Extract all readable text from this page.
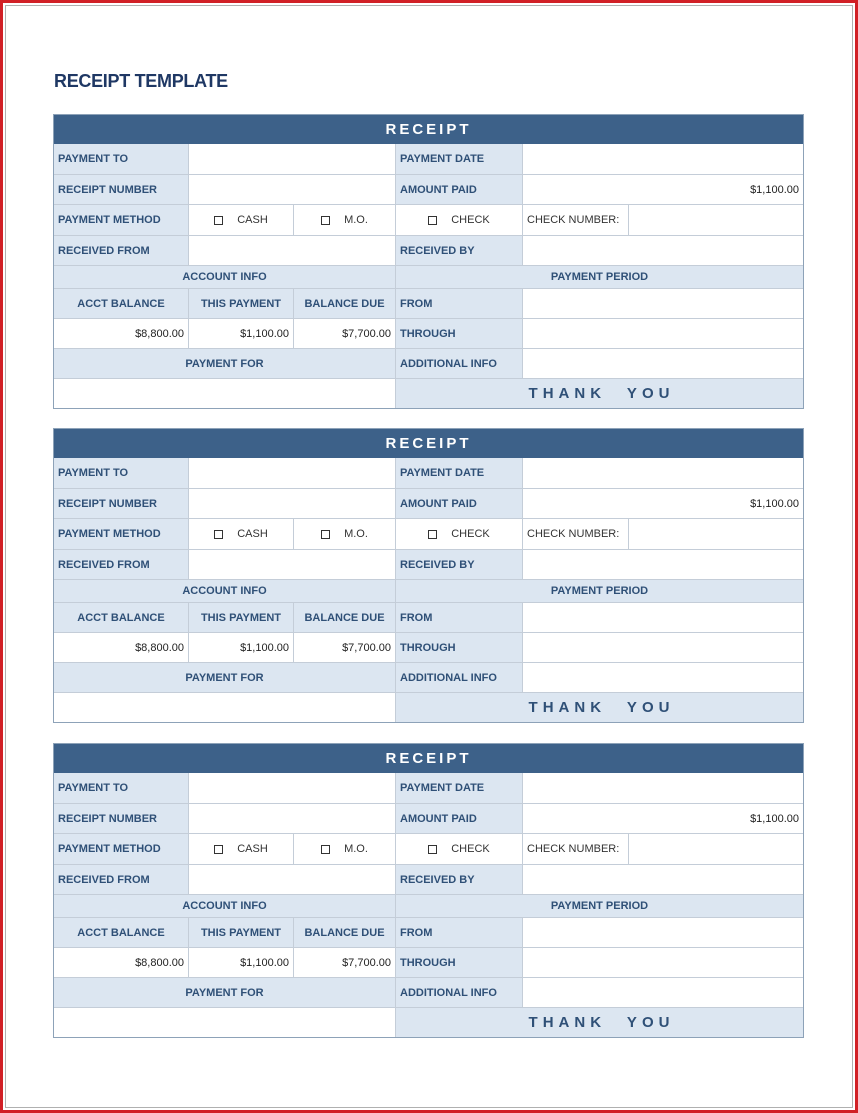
RECEIPT TEMPLATE
RECEIPT
PAYMENT TO	PAYMENT DATE
RECEIPT NUMBER	AMOUNT PAID	$1,100.00
PAYMENT METHOD	CASH	M.O.	CHECK	CHECK NUMBER:
RECEIVED FROM	RECEIVED BY
ACCOUNT INFO	PAYMENT PERIOD
ACCT BALANCE	THIS PAYMENT	BALANCE DUE	FROM
$8,800.00	$1,100.00	$7,700.00 THROUGH
PAYMENT FOR	ADDITIONAL INFO
THANK YOU
RECEIPT
PAYMENT TO	PAYMENT DATE
RECEIPT NUMBER	AMOUNT PAID	$1,100.00
PAYMENT METHOD	CASH	M.O.	CHECK	CHECK NUMBER:
RECEIVED FROM	RECEIVED BY
ACCOUNT INFO	PAYMENT PERIOD
ACCT BALANCE	THIS PAYMENT	BALANCE DUE	FROM
$8,800.00	$1,100.00	$7,700.00 THROUGH
PAYMENT FOR	ADDITIONAL INFO
THANK YOU
RECEIPT
PAYMENT TO	PAYMENT DATE
RECEIPT NUMBER	AMOUNT PAID	$1,100.00
PAYMENT METHOD	CASH	M.O.	CHECK	CHECK NUMBER:
RECEIVED FROM	RECEIVED BY
ACCOUNT INFO	PAYMENT PERIOD
ACCT BALANCE	THIS PAYMENT	BALANCE DUE	FROM
$8,800.00	$1,100.00	$7,700.00 THROUGH
PAYMENT FOR	ADDITIONAL INFO
THANK YOU
